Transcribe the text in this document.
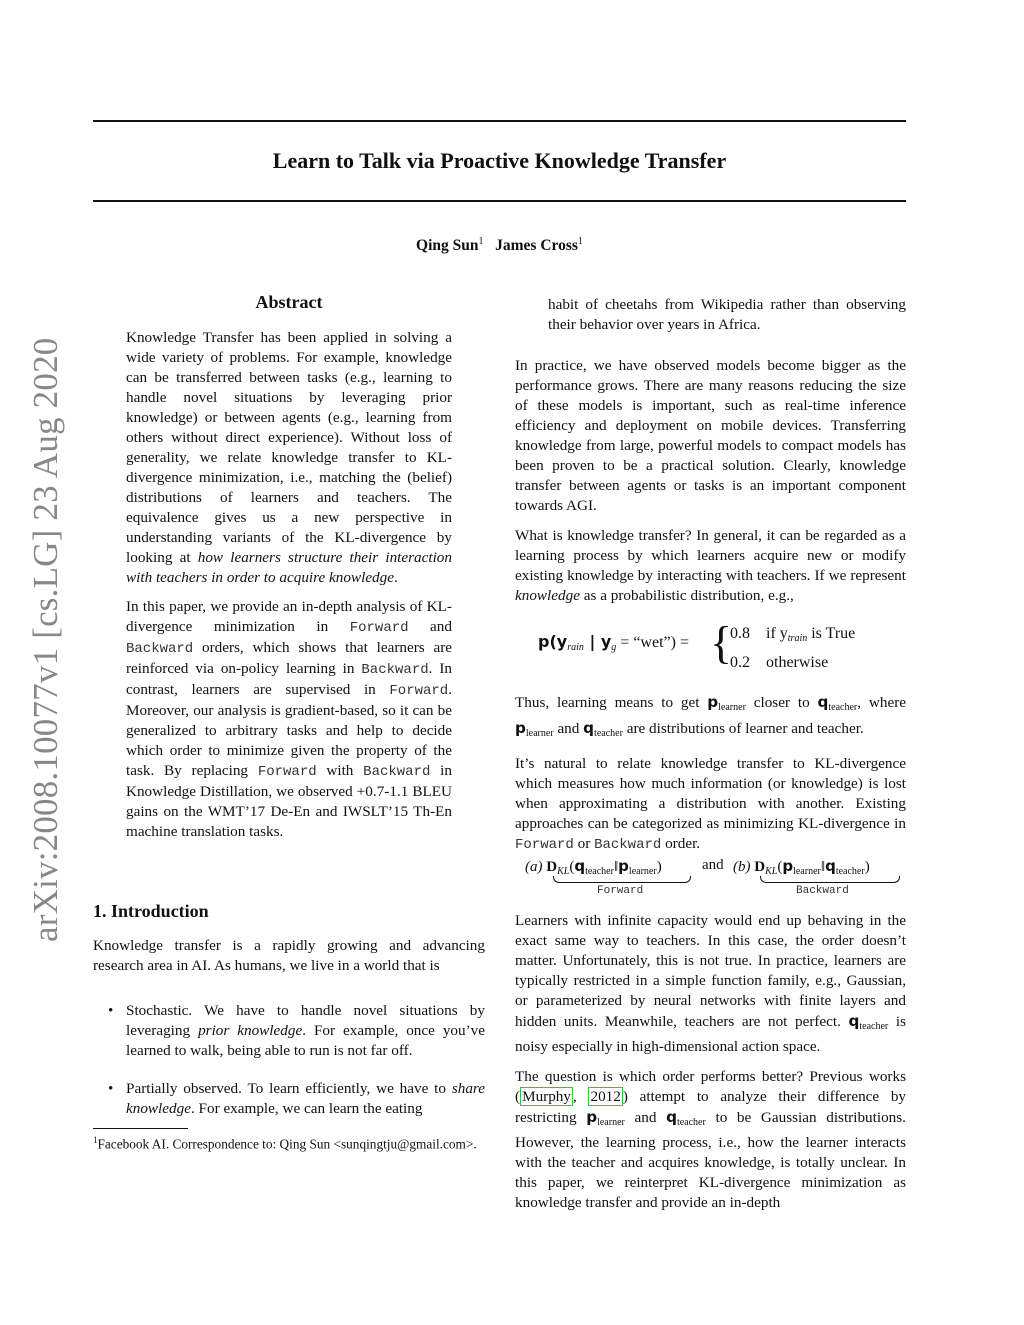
Learn to Talk via Proactive Knowledge Transfer
Qing Sun$^1$ James Cross$^1$
arXiv:2008.10077v1 [cs.LG] 23 Aug 2020
Abstract

Knowledge Transfer has been applied in solving a wide variety of problems. For example, knowledge can be transferred between tasks (e.g., learning to handle novel situations by leveraging prior knowledge) or between agents (e.g., learning from others without direct experience). Without loss of generality, we relate knowledge transfer to KL-divergence minimization, i.e., matching the (belief) distributions of learners and teachers. The equivalence gives us a new perspective in understanding variants of the KL-divergence by looking at how learners structure their interaction with teachers in order to acquire knowledge.

In this paper, we provide an in-depth analysis of KL-divergence minimization in Forward and Backward orders, which shows that learners are reinforced via on-policy learning in Backward. In contrast, learners are supervised in Forward. Moreover, our analysis is gradient-based, so it can be generalized to arbitrary tasks and help to decide which order to minimize given the property of the task. By replacing Forward with Backward in Knowledge Distillation, we observed +0.7-1.1 BLEU gains on the WMT’17 De-En and IWSLT’15 Th-En machine translation tasks.

1. Introduction

Knowledge transfer is a rapidly growing and advancing research area in AI. As humans, we live in a world that is

• Stochastic. We have to handle novel situations by leveraging prior knowledge. For example, once you’ve learned to walk, being able to run is not far off.
• Partially observed. To learn efficiently, we have to share knowledge. For example, we can learn the eating
$^1$Facebook AI. Correspondence to: Qing Sun <sunqingtju@gmail.com>.

habit of cheetahs from Wikipedia rather than observing their behavior over years in Africa.

In practice, we have observed models become bigger as the performance grows. There are many reasons reducing the size of these models is important, such as real-time inference efficiency and deployment on mobile devices. Transferring knowledge from large, powerful models to compact models has been proven to be a practical solution. Clearly, knowledge transfer between agents or tasks is an important component towards AGI.

What is knowledge transfer? In general, it can be regarded as a learning process by which learners acquire new or modify existing knowledge by interacting with teachers. If we represent knowledge as a probabilistic distribution, e.g.,

$p(y_{rain}$ | $y_g$ = “wet”) = {
0.8 if $y_{train}$ is True
0.2 otherwise

Thus, learning means to get $p_{learner}$ closer to $q_{teacher}$, where $p_{learner}$ and $q_{teacher}$ are distributions of learner and teacher.

It’s natural to relate knowledge transfer to KL-divergence which measures how much information (or knowledge) is lost when approximating a distribution with another. Existing approaches can be categorized as minimizing KL-divergence in Forward or Backward order.

(a) $D_{KL}(q_{teacher}‖p_{learner})$
Forward
and (b) $D_{KL}(p_{learner}‖q_{teacher})$
Backward

Learners with infinite capacity would end up behaving in the exact same way to teachers. In this case, the order doesn’t matter. Unfortunately, this is not true. In practice, learners are typically restricted in a simple function family, e.g., Gaussian, or parameterized by neural networks with finite layers and hidden units. Meanwhile, teachers are not perfect. $q_{teacher}$ is noisy especially in high-dimensional action space.

The question is which order performs better? Previous works ( Murphy , 2012 ) attempt to analyze their difference by restricting $p_{learner}$ and $q_{teacher}$ to be Gaussian distributions. However, the learning process, i.e., how the learner interacts with the teacher and acquires knowledge, is totally unclear. In this paper, we reinterpret KL-divergence minimization as knowledge transfer and provide an in-depth
